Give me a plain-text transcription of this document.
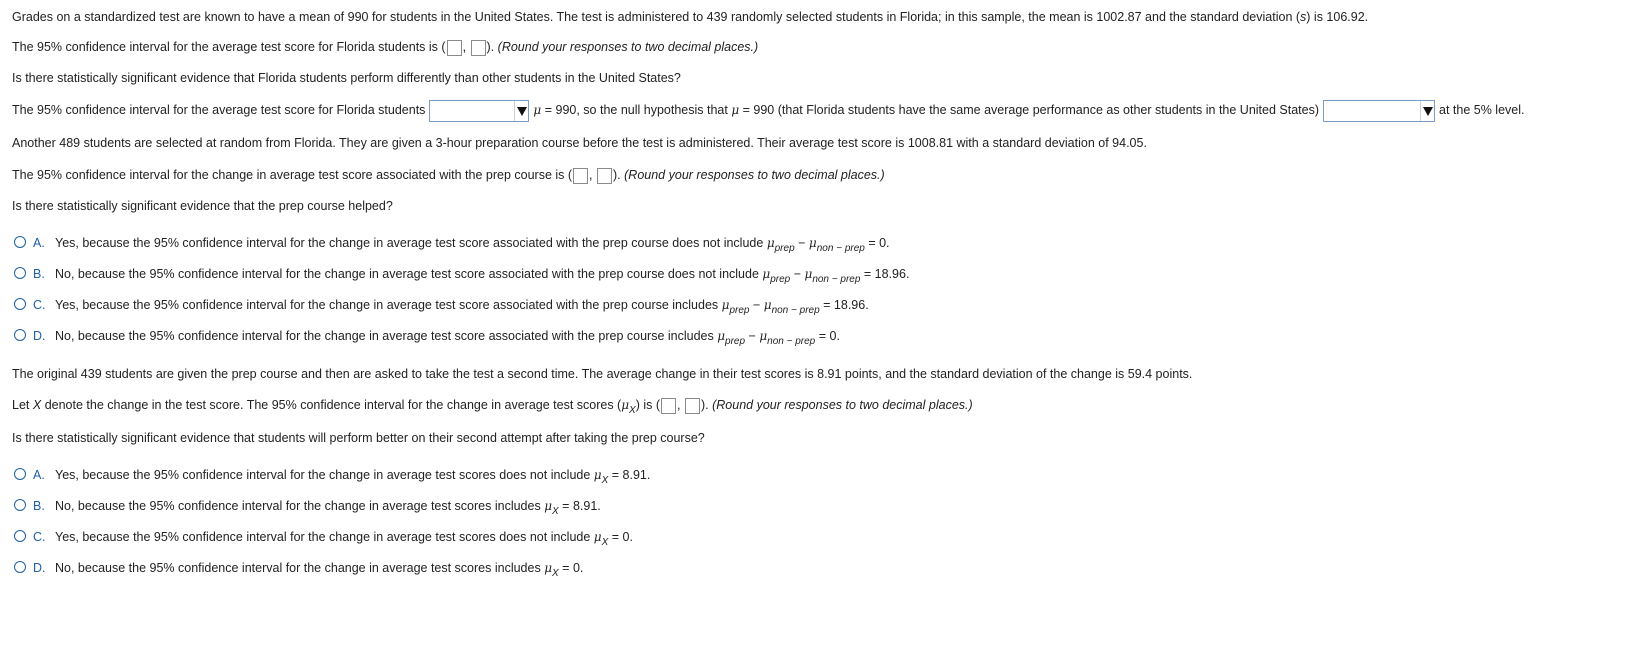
Grades on a standardized test are known to have a mean of 990 for students in the United States. The test is administered to 439 randomly selected students in Florida; in this sample, the mean is 1002.87 and the standard deviation (s) is 106.92.
The 95% confidence interval for the average test score for Florida students is ( , ). (Round your responses to two decimal places.)
Is there statistically significant evidence that Florida students perform differently than other students in the United States?
The 95% confidence interval for the average test score for Florida students	μ = 990, so the null hypothesis that μ = 990 (that Florida students have the same average performance as other students in the United States)	at the 5% level.
Another 489 students are selected at random from Florida. They are given a 3-hour preparation course before the test is administered. Their average test score is 1008.81 with a standard deviation of 94.05.
The 95% confidence interval for the change in average test score associated with the prep course is ( , ). (Round your responses to two decimal places.)
Is there statistically significant evidence that the prep course helped?
A. Yes, because the 95% confidence interval for the change in average test score associated with the prep course does not include $\mu_{prep} - \mu_{non - prep} = 0$.
B. No, because the 95% confidence interval for the change in average test score associated with the prep course does not include $\mu_{prep} - \mu_{non - prep} = 18.96$.
C. Yes, because the 95% confidence interval for the change in average test score associated with the prep course includes $\mu_{prep} - \mu_{non - prep} = 18.96$.
D. No, because the 95% confidence interval for the change in average test score associated with the prep course includes $\mu_{prep} - \mu_{non - prep} = 0$.
The original 439 students are given the prep course and then are asked to take the test a second time. The average change in their test scores is 8.91 points, and the standard deviation of the change is 59.4 points.
Let X denote the change in the test score. The 95% confidence interval for the change in average test scores $(\mu_X)$ is ( , ). (Round your responses to two decimal places.)
Is there statistically significant evidence that students will perform better on their second attempt after taking the prep course?
A. Yes, because the 95% confidence interval for the change in average test scores does not include $\mu_X = 8.91$.
B. No, because the 95% confidence interval for the change in average test scores includes $\mu_X = 8.91$.
C. Yes, because the 95% confidence interval for the change in average test scores does not include $\mu_X = 0$.
D. No, because the 95% confidence interval for the change in average test scores includes $\mu_X = 0$.
